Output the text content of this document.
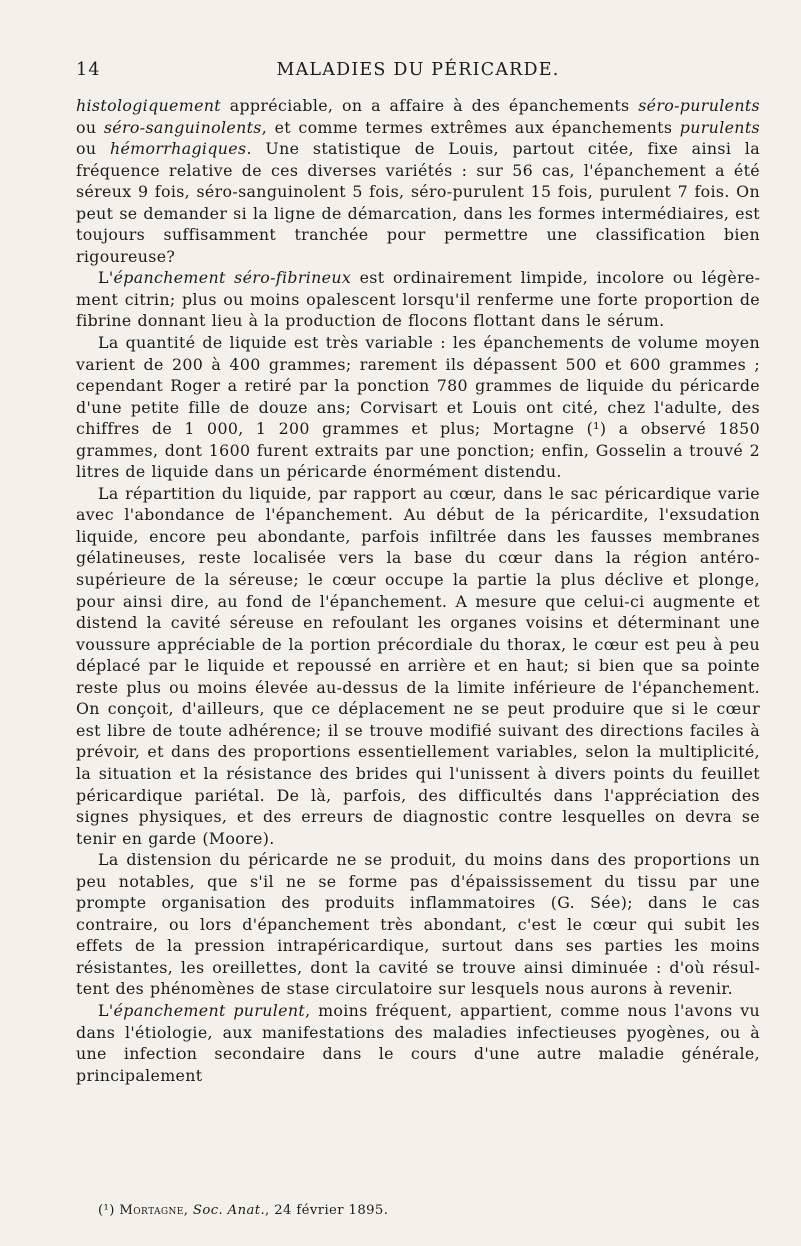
14	MALADIES DU PÉRICARDE.

histologiquement appréciable, on a affaire à des épanchements séro-purulents ou séro-sanguinolents, et comme termes extrêmes aux épanchements purulents ou hémorrhagiques. Une statistique de Louis, partout citée, fixe ainsi la fréquence relative de ces diverses variétés : sur 56 cas, l'épanchement a été séreux 9 fois, séro-sanguinolent 5 fois, séro-purulent 15 fois, purulent 7 fois. On peut se demander si la ligne de démarcation, dans les formes intermédiaires, est toujours suffisamment tranchée pour permettre une classification bien rigoureuse?

L'épanchement séro-fibrineux est ordinairement limpide, incolore ou légèrement citrin; plus ou moins opalescent lorsqu'il renferme une forte proportion de fibrine donnant lieu à la production de flocons flottant dans le sérum.

La quantité de liquide est très variable : les épanchements de volume moyen varient de 200 à 400 grammes; rarement ils dépassent 500 et 600 grammes ; cependant Roger a retiré par la ponction 780 grammes de liquide du péricarde d'une petite fille de douze ans; Corvisart et Louis ont cité, chez l'adulte, des chiffres de 1 000, 1 200 grammes et plus; Mortagne (¹) a observé 1850 grammes, dont 1600 furent extraits par une ponction; enfin, Gosselin a trouvé 2 litres de liquide dans un péricarde énormément distendu.

La répartition du liquide, par rapport au cœur, dans le sac péricardique varie avec l'abondance de l'épanchement. Au début de la péricardite, l'exsudation liquide, encore peu abondante, parfois infiltrée dans les fausses membranes gélatineuses, reste localisée vers la base du cœur dans la région antéro-supérieure de la séreuse; le cœur occupe la partie la plus déclive et plonge, pour ainsi dire, au fond de l'épanchement. A mesure que celui-ci augmente et distend la cavité séreuse en refoulant les organes voisins et déterminant une voussure appréciable de la portion précordiale du thorax, le cœur est peu à peu déplacé par le liquide et repoussé en arrière et en haut; si bien que sa pointe reste plus ou moins élevée au-dessus de la limite inférieure de l'épanchement. On conçoit, d'ailleurs, que ce déplacement ne se peut produire que si le cœur est libre de toute adhérence; il se trouve modifié suivant des directions faciles à prévoir, et dans des proportions essentiellement variables, selon la multiplicité, la situation et la résistance des brides qui l'unissent à divers points du feuillet péricardique pariétal. De là, parfois, des difficultés dans l'appréciation des signes physiques, et des erreurs de diagnostic contre lesquelles on devra se tenir en garde (Moore).

La distension du péricarde ne se produit, du moins dans des proportions un peu notables, que s'il ne se forme pas d'épaississement du tissu par une prompte organisation des produits inflammatoires (G. Sée); dans le cas contraire, ou lors d'épanchement très abondant, c'est le cœur qui subit les effets de la pression intrapéricardique, surtout dans ses parties les moins résistantes, les oreillettes, dont la cavité se trouve ainsi diminuée : d'où résultent des phénomènes de stase circulatoire sur lesquels nous aurons à revenir.

L'épanchement purulent, moins fréquent, appartient, comme nous l'avons vu dans l'étiologie, aux manifestations des maladies infectieuses pyogènes, ou à une infection secondaire dans le cours d'une autre maladie générale, principalement

(¹) Mortagne, Soc. Anat., 24 février 1895.
